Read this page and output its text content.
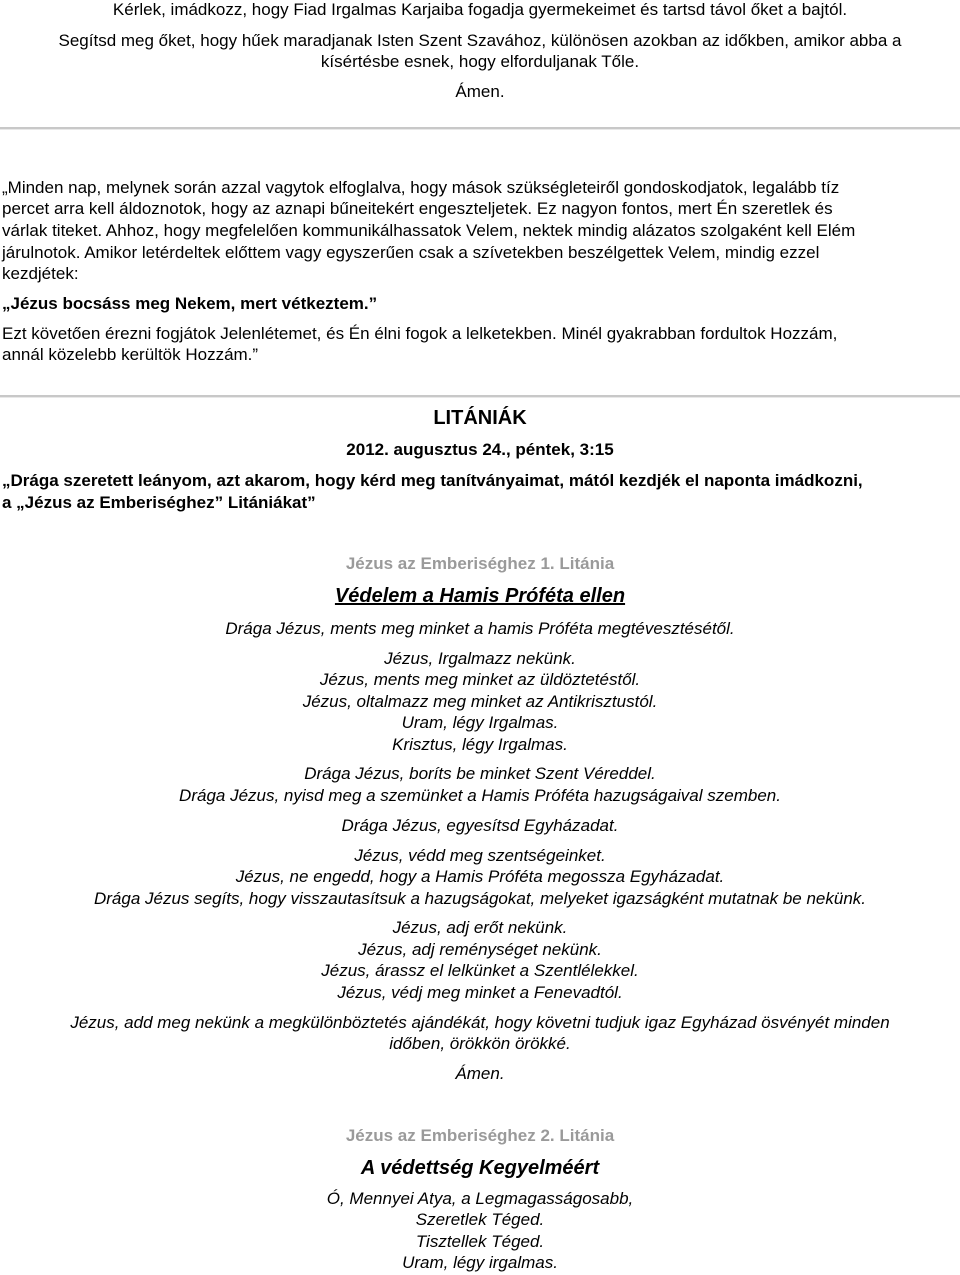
Kérlek, imádkozz, hogy Fiad Irgalmas Karjaiba fogadja gyermekeimet és tartsd távol őket a bajtól.
Segítsd meg őket, hogy hűek maradjanak Isten Szent Szavához, különösen azokban az időkben, amikor abba a
kísértésbe esnek, hogy elforduljanak Tőle.
Ámen.
„Minden nap, melynek során azzal vagytok elfoglalva, hogy mások szükségleteiről gondoskodjatok, legalább tíz
percet arra kell áldoznotok, hogy az aznapi bűneitekért engeszteljetek. Ez nagyon fontos, mert Én szeretlek és
várlak titeket. Ahhoz, hogy megfelelően kommunikálhassatok Velem, nektek mindig alázatos szolgaként kell Elém
járulnotok. Amikor letérdeltek előttem vagy egyszerűen csak a szívetekben beszélgettek Velem, mindig ezzel
kezdjétek:
„Jézus bocsáss meg Nekem, mert vétkeztem.”
Ezt követően érezni fogjátok Jelenlétemet, és Én élni fogok a lelketekben. Minél gyakrabban fordultok Hozzám,
annál közelebb kerültök Hozzám.”
LITÁNIÁK
2012. augusztus 24., péntek, 3:15
„Drága szeretett leányom, azt akarom, hogy kérd meg tanítványaimat, mától kezdjék el naponta imádkozni,
a „Jézus az Emberiséghez” Litániákat”
Jézus az Emberiséghez 1. Litánia
Védelem a Hamis Próféta ellen
Drága Jézus, ments meg minket a hamis Próféta megtévesztésétől.
Jézus, Irgalmazz nekünk.
Jézus, ments meg minket az üldöztetéstől.
Jézus, oltalmazz meg minket az Antikrisztustól.
Uram, légy Irgalmas.
Krisztus, légy Irgalmas.
Drága Jézus, boríts be minket Szent Véreddel.
Drága Jézus, nyisd meg a szemünket a Hamis Próféta hazugságaival szemben.
Drága Jézus, egyesítsd Egyházadat.
Jézus, védd meg szentségeinket.
Jézus, ne engedd, hogy a Hamis Próféta megossza Egyházadat.
Drága Jézus segíts, hogy visszautasítsuk a hazugságokat, melyeket igazságként mutatnak be nekünk.
Jézus, adj erőt nekünk.
Jézus, adj reménységet nekünk.
Jézus, árassz el lelkünket a Szentlélekkel.
Jézus, védj meg minket a Fenevadtól.
Jézus, add meg nekünk a megkülönböztetés ajándékát, hogy követni tudjuk igaz Egyházad ösvényét minden
időben, örökkön örökké.
Ámen.
Jézus az Emberiséghez 2. Litánia
A védettség Kegyelméért
Ó, Mennyei Atya, a Legmagasságosabb,
Szeretlek Téged.
Tisztellek Téged.
Uram, légy irgalmas.
